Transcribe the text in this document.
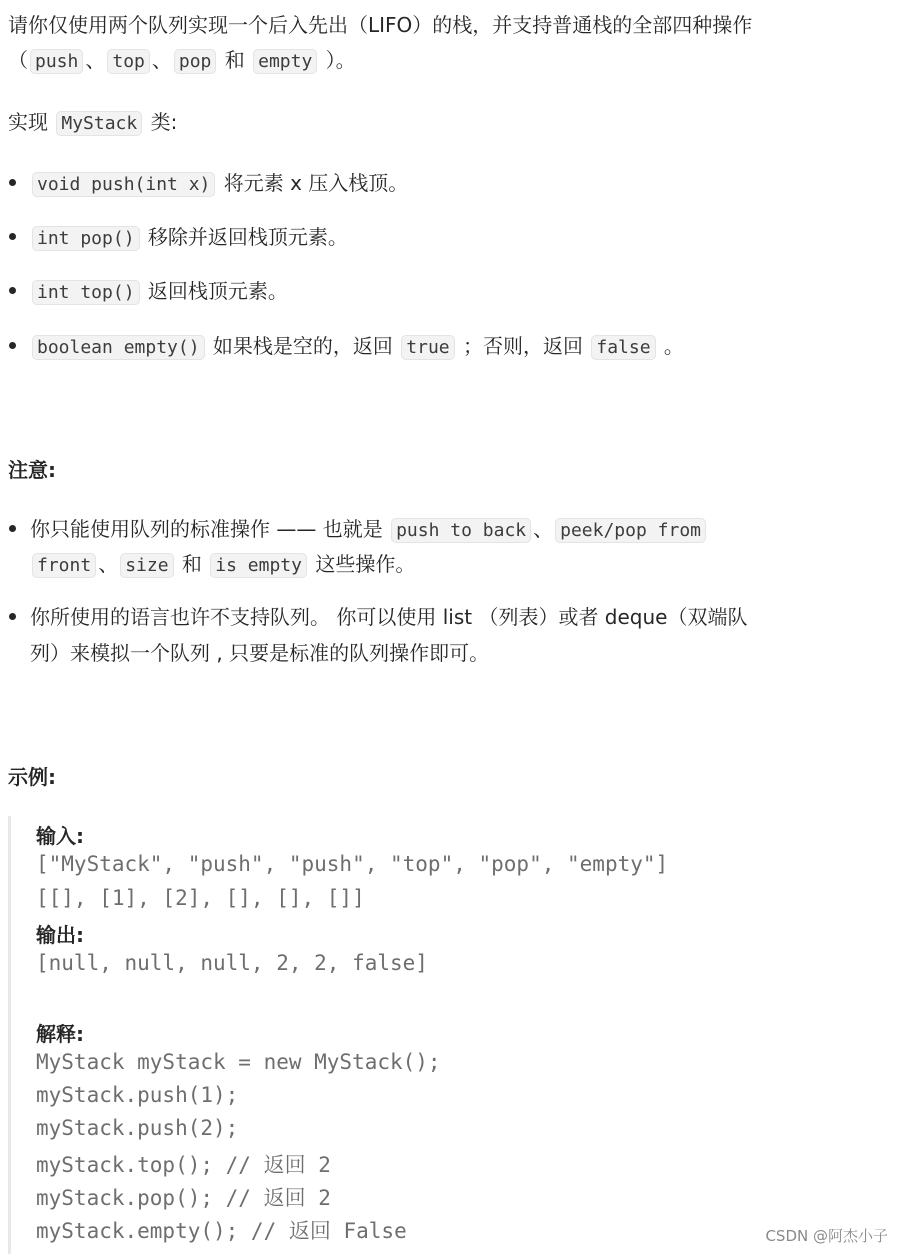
请你仅使用两个队列实现一个后入先出（LIFO）的栈，并支持普通栈的全部四种操作
（ push 、 top 、 pop 和 empty ）。
实现 MyStack 类:
void push(int x) 将元素 x 压入栈顶。
int pop() 移除并返回栈顶元素。
int top() 返回栈顶元素。
boolean empty() 如果栈是空的，返回 true ；否则，返回 false 。
注意:
你只能使用队列的标准操作 —— 也就是 push to back 、 peek/pop from
front 、 size 和 is empty 这些操作。
你所使用的语言也许不支持队列。 你可以使用 list （列表）或者 deque（双端队
列）来模拟一个队列 , 只要是标准的队列操作即可。
示例:
输入:
["MyStack", "push", "push", "top", "pop", "empty"]
[[], [1], [2], [], [], []]
输出:
[null, null, null, 2, 2, false]
解释:
MyStack myStack = new MyStack();
myStack.push(1);
myStack.push(2);
myStack.top(); // 返回 2
myStack.pop(); // 返回 2
myStack.empty(); // 返回 False	CSDN @阿杰小子
